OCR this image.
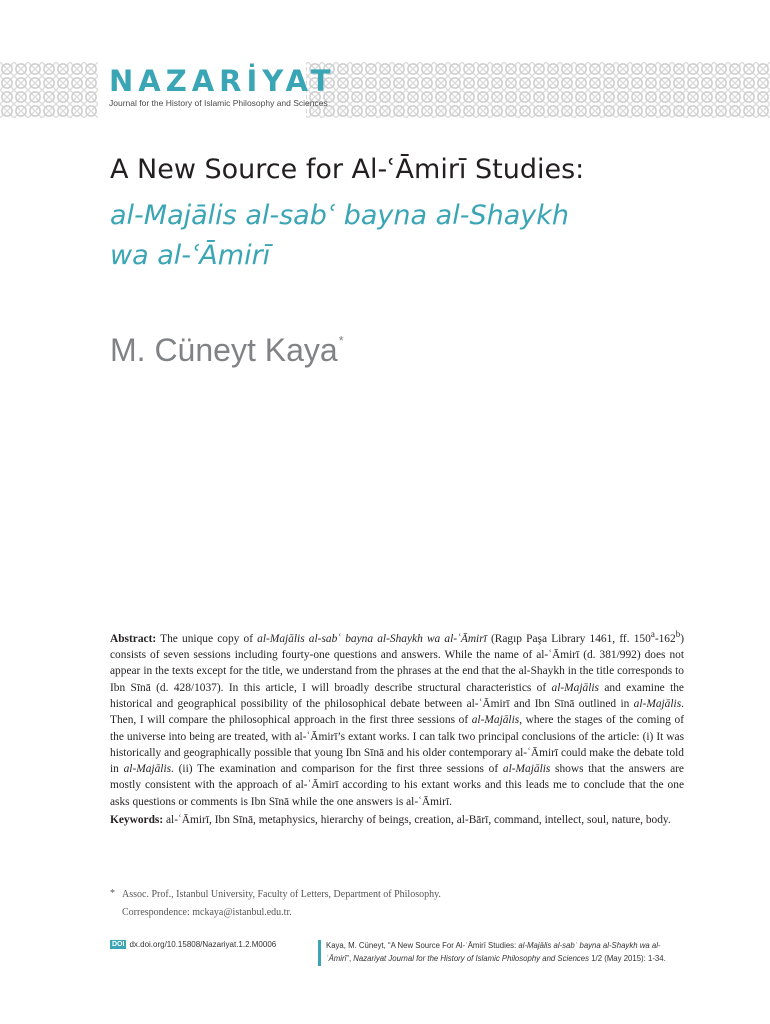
NAZARİYAT
Journal for the History of Islamic Philosophy and Sciences
A New Source for Al-ʿĀmirī Studies:
al-Majālis al-sabʿ bayna al-Shaykh
wa al-ʿĀmirī
M. Cüneyt Kaya*
Abstract: The unique copy of al-Majālis al-sabʿ bayna al-Shaykh wa al-ʿĀmirī (Ragıp Paşa Library 1461, ff. 150$^a$-162$^b$) consists of seven sessions including fourty-one questions and answers. While the name of al-ʿĀmirī (d. 381/992) does not appear in the texts except for the title, we understand from the phrases at the end that the al-Shaykh in the title corresponds to Ibn Sīnā (d. 428/1037). In this article, I will broadly describe structural characteristics of al-Majālis and examine the historical and geographical possibility of the philosophical debate between al-ʿĀmirī and Ibn Sīnā outlined in al-Majālis. Then, I will compare the philosophical approach in the first three sessions of al-Majālis, where the stages of the coming of the universe into being are treated, with al-ʿĀmirī’s extant works. I can talk two principal conclusions of the article: (i) It was historically and geographically possible that young Ibn Sīnā and his older contemporary al-ʿĀmirī could make the debate told in al-Majālis. (ii) The examination and comparison for the first three sessions of al-Majālis shows that the answers are mostly consistent with the approach of al-ʿĀmirī according to his extant works and this leads me to conclude that the one asks questions or comments is Ibn Sīnā while the one answers is al-ʿĀmirī.
Keywords: al-ʿĀmirī, Ibn Sīnā, metaphysics, hierarchy of beings, creation, al-Bārī, command, intellect, soul, nature, body.
* Assoc. Prof., Istanbul University, Faculty of Letters, Department of Philosophy.
Correspondence: mckaya@istanbul.edu.tr.
DOI dx.doi.org/10.15808/Nazariyat.1.2.M0006	Kaya, M. Cüneyt, “A New Source For Al-ʿĀmirī Studies: al-Majālis al-sabʿ bayna al-Shaykh wa al-ʿĀmirī”, Nazariyat Journal for the History of Islamic Philosophy and Sciences 1/2 (May 2015): 1-34.
